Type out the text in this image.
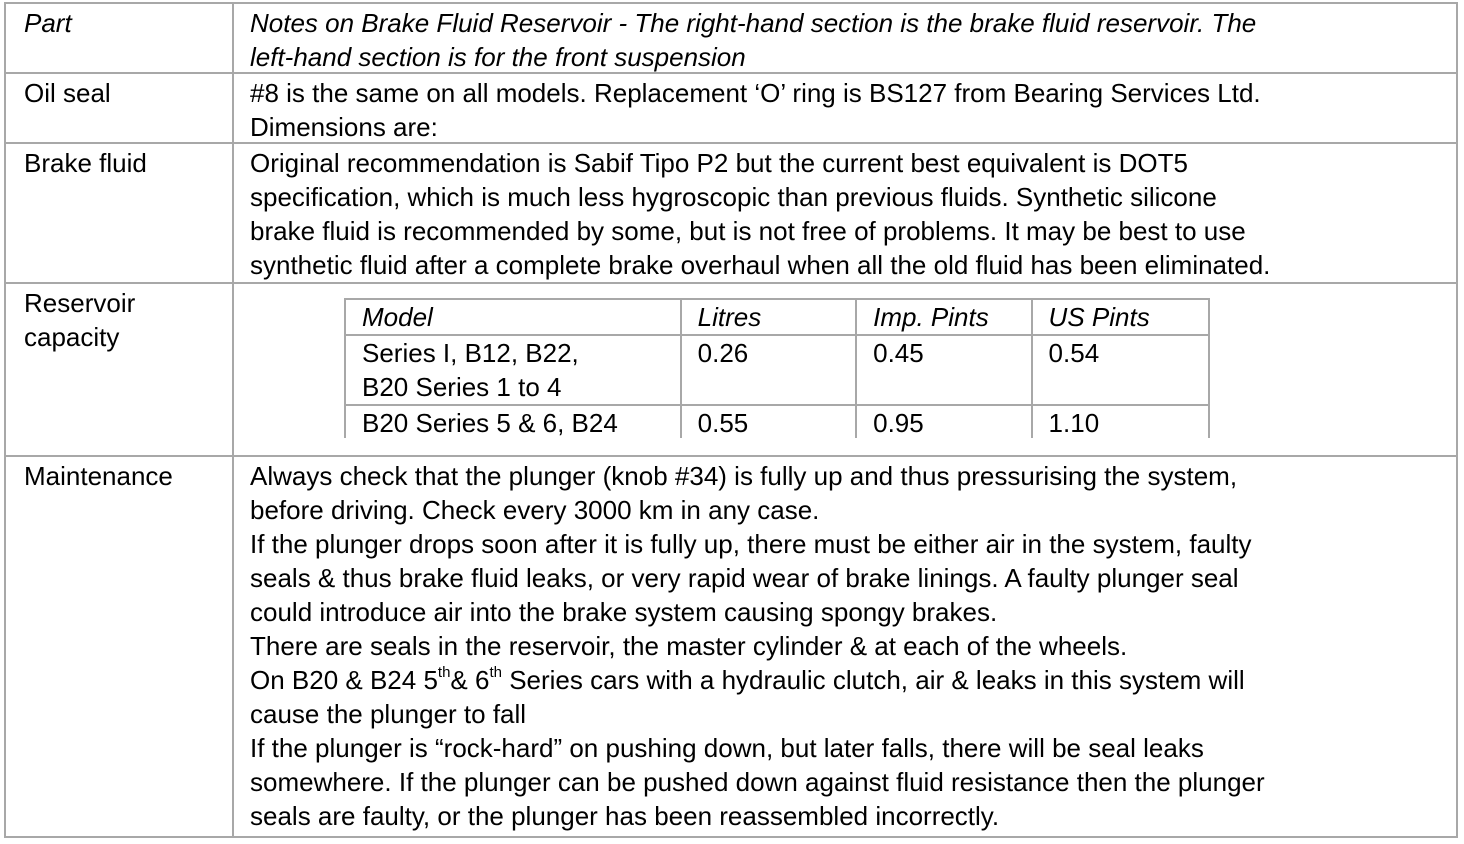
Part	Notes on Brake Fluid Reservoir - The right-hand section is the brake fluid reservoir. The
left-hand section is for the front suspension
Oil seal	#8 is the same on all models. Replacement ‘O’ ring is BS127 from Bearing Services Ltd.
Dimensions are:
Brake fluid	Original recommendation is Sabif Tipo P2 but the current best equivalent is DOT5
specification, which is much less hygroscopic than previous fluids. Synthetic silicone
brake fluid is recommended by some, but is not free of problems. It may be best to use
synthetic fluid after a complete brake overhaul when all the old fluid has been eliminated.
Reservoir
capacity
Model	Litres	Imp. Pints	US Pints

Series I, B12, B22,
B20 Series 1 to 4	0.26	0.45	0.54

B20 Series 5 & 6, B24	0.55	0.95	1.10
Maintenance	Always check that the plunger (knob #34) is fully up and thus pressurising the system,
before driving. Check every 3000 km in any case.
If the plunger drops soon after it is fully up, there must be either air in the system, faulty
seals & thus brake fluid leaks, or very rapid wear of brake linings. A faulty plunger seal
could introduce air into the brake system causing spongy brakes.
There are seals in the reservoir, the master cylinder & at each of the wheels.
On B20 & B24 5th& 6th Series cars with a hydraulic clutch, air & leaks in this system will
cause the plunger to fall
If the plunger is “rock-hard” on pushing down, but later falls, there will be seal leaks
somewhere. If the plunger can be pushed down against fluid resistance then the plunger
seals are faulty, or the plunger has been reassembled incorrectly.
